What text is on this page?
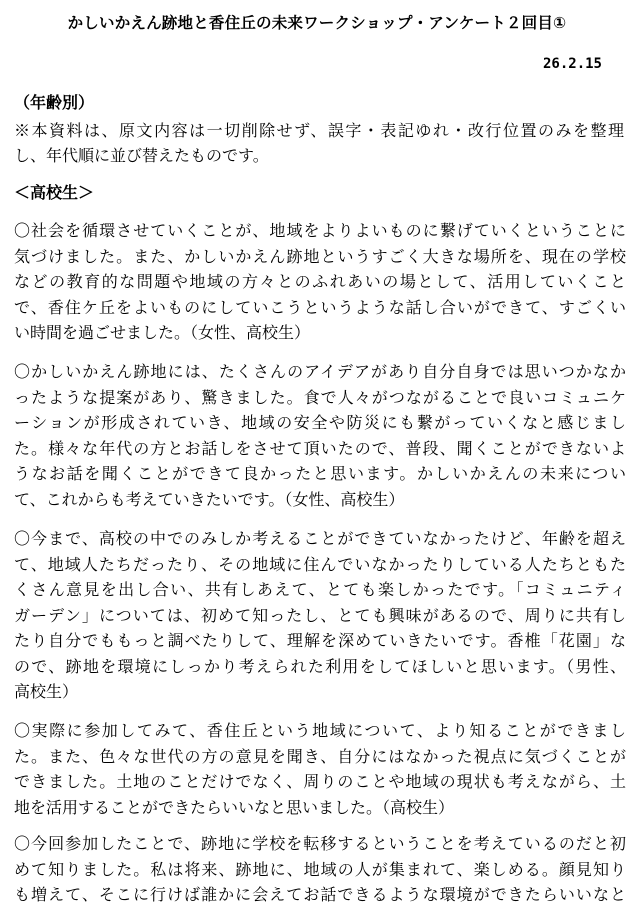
かしいかえん跡地と香住丘の未来ワークショップ・アンケート２回目①
26.2.15
（年齢別）
※本資料は、原文内容は一切削除せず、誤字・表記ゆれ・改行位置のみを整理
し、年代順に並び替えたものです。
＜高校生＞
〇社会を循環させていくことが、地域をよりよいものに繋げていくということに
気づけました。また、かしいかえん跡地というすごく大きな場所を、現在の学校
などの教育的な問題や地域の方々とのふれあいの場として、活用していくこと
で、香住ケ丘をよいものにしていこうというような話し合いができて、すごくい
い時間を過ごせました。（女性、高校生）
〇かしいかえん跡地には、たくさんのアイデアがあり自分自身では思いつかなか
ったような提案があり、驚きました。食で人々がつながることで良いコミュニケ
ーションが形成されていき、地域の安全や防災にも繋がっていくなと感じまし
た。様々な年代の方とお話しをさせて頂いたので、普段、聞くことができないよ
うなお話を聞くことができて良かったと思います。かしいかえんの未来につい
て、これからも考えていきたいです。（女性、高校生）
〇今まで、高校の中でのみしか考えることができていなかったけど、年齢を超え
て、地域人たちだったり、その地域に住んでいなかったりしている人たちともた
くさん意見を出し合い、共有しあえて、とても楽しかったです。「コミュニティ
ガーデン」については、初めて知ったし、とても興味があるので、周りに共有し
たり自分でももっと調べたりして、理解を深めていきたいです。香椎「花園」な
ので、跡地を環境にしっかり考えられた利用をしてほしいと思います。（男性、
高校生）
〇実際に参加してみて、香住丘という地域について、より知ることができまし
た。また、色々な世代の方の意見を聞き、自分にはなかった視点に気づくことが
できました。土地のことだけでなく、周りのことや地域の現状も考えながら、土
地を活用することができたらいいなと思いました。（高校生）
〇今回参加したことで、跡地に学校を転移するということを考えているのだと初
めて知りました。私は将来、跡地に、地域の人が集まれて、楽しめる。顔見知り
も増えて、そこに行けば誰かに会えてお話できるような環境ができたらいいなと
